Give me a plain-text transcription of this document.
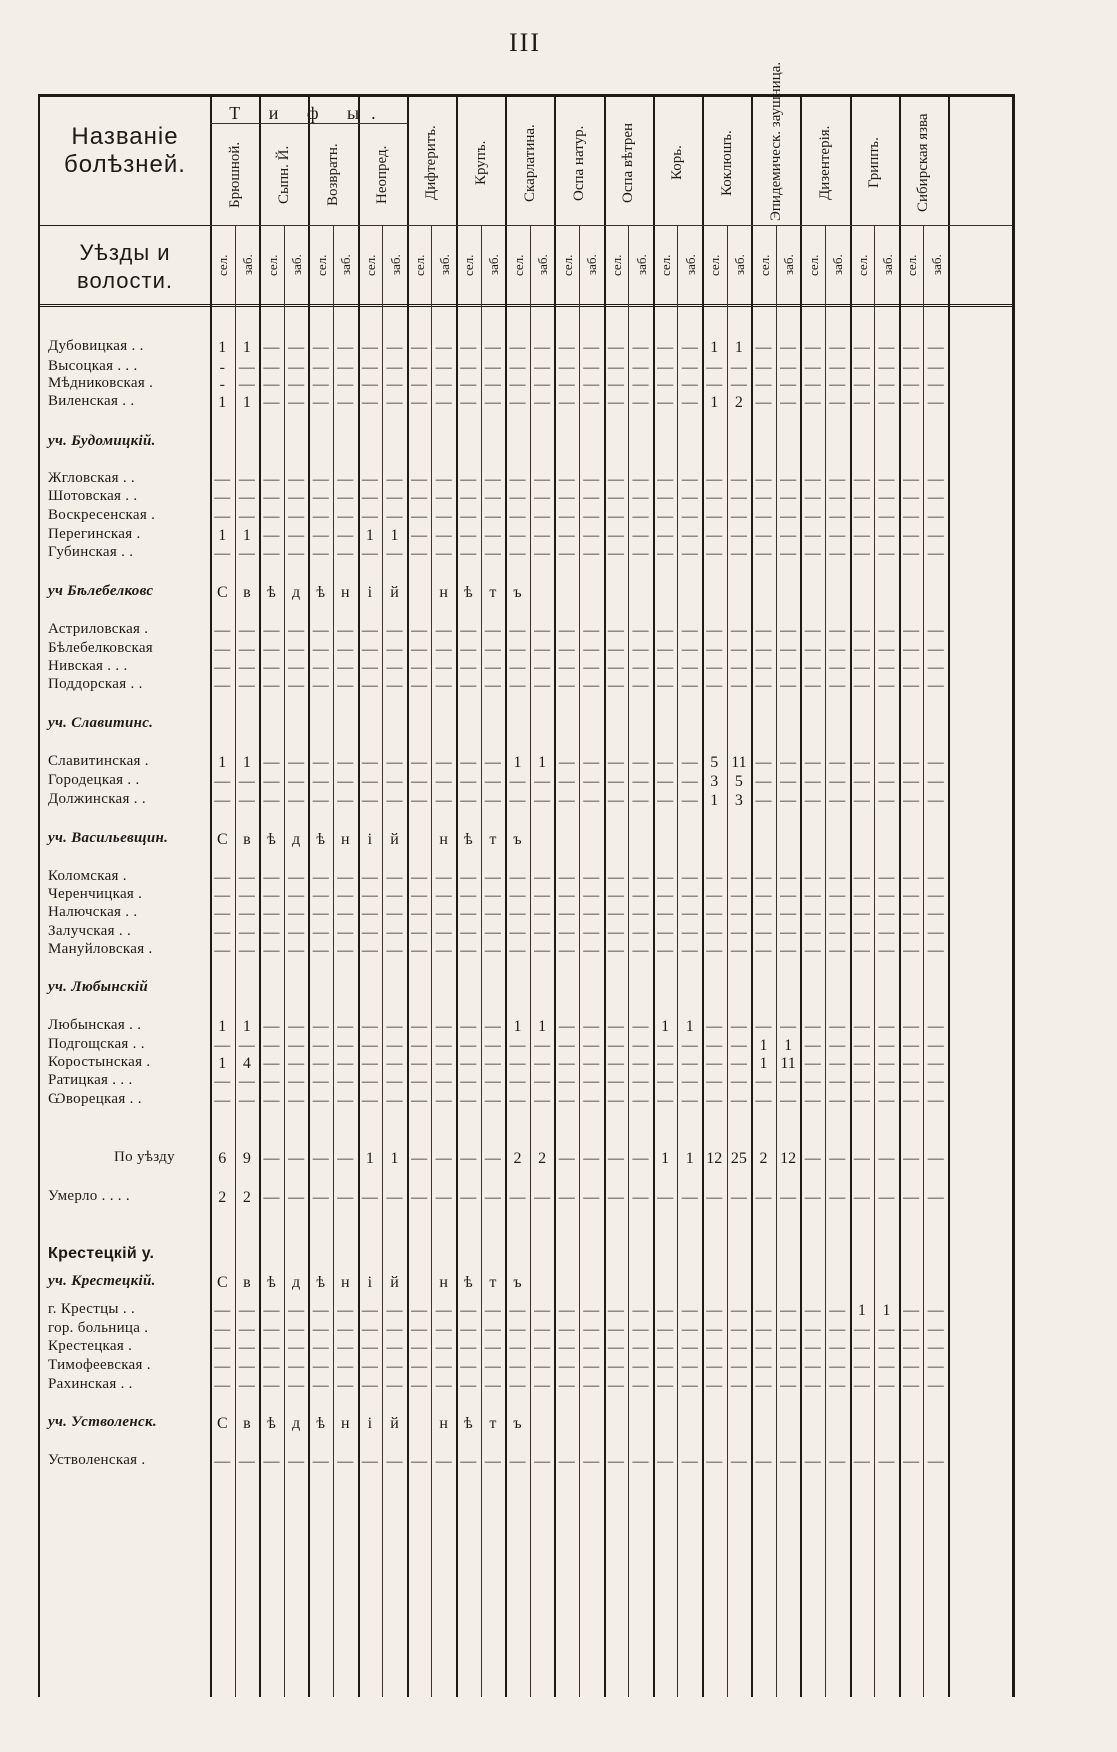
III
Названіе болѣзней.
Уѣзды и волости.
Т и ф ы.
Брюшной. Сыпн. Й. Возвратн. Неопред. Дифтеритъ. Крупъ. Скарлатина. Оспа натур. Оспа вѣтрен Корь. Коклюшъ. Эпидемическ. заушница. Дизентерія. Гриппъ. Сибирская язва
сел. заб. сел. заб. сел. заб. сел. заб. сел. заб. сел. заб. сел. заб. сел. заб. сел. заб. сел. заб. сел. заб. сел. заб. сел. заб. сел. заб. сел. заб.
Дубовицкая . .	1	1 — — — — — — — — — — — — — — — — — — 1	1 — — — — — — — —
Высоцкая . . .	- — — — — — — — — — — — — — — — — — — — — — — — — — — — — —
Мѣдниковская .	- — — — — — — — — — — — — — — — — — — — — — — — — — — — — —
Виленская . .	1	1 — — — — — — — — — — — — — — — — — — 1	2 — — — — — — — —
уч. Будомицкій.
Жгловская . .	— — — — — — — — — — — — — — — — — — — — — — — — — — — — — —
Шотовская . .	— — — — — — — — — — — — — — — — — — — — — — — — — — — — — —
Воскресенская .	— — — — — — — — — — — — — — — — — — — — — — — — — — — — — —
Перегинская .	1	1 — — — — 1	1 — — — — — — — — — — — — — — — — — — — — — —
Губинская . .	— — — — — — — — — — — — — — — — — — — — — — — — — — — — — —
уч Бѣлебелковс	С в	ѣ	д	ѣ н	і	й	н ѣ	т	ъ
Астриловская .	— — — — — — — — — — — — — — — — — — — — — — — — — — — — — —
Бѣлебелковская	— — — — — — — — — — — — — — — — — — — — — — — — — — — — — —
Нивская . . .	— — — — — — — — — — — — — — — — — — — — — — — — — — — — — —
Поддорская . .	— — — — — — — — — — — — — — — — — — — — — — — — — — — — — —
уч. Славитинс.
Славитинская .	1	1 — — — — — — — — — — 1	1 — — — — — — 5 11 — — — — — — — —
Городецкая . .	— — — — — — — — — — — — — — — — — — — — 3	5 — — — — — — — —
Должинская . .	— — — — — — — — — — — — — — — — — — — — 1	3 — — — — — — — —
уч. Васильевщин.	С в	ѣ	д	ѣ н	і	й	н ѣ	т	ъ
Коломская .	— — — — — — — — — — — — — — — — — — — — — — — — — — — — — —
Черенчицкая .	— — — — — — — — — — — — — — — — — — — — — — — — — — — — — —
Налючская . .	— — — — — — — — — — — — — — — — — — — — — — — — — — — — — —
Залучская . .	— — — — — — — — — — — — — — — — — — — — — — — — — — — — — —
Мануйловская .	— — — — — — — — — — — — — — — — — — — — — — — — — — — — — —
уч. Любынскій
Любынская . .	1	1 — — — — — — — — — — 1	1 — — — — 1	1 — — — — — — — — — —
Подгощская . .	— — — — — — — — — — — — — — — — — — — — — — 1	1 — — — — — —
Коростынская .	1	4 — — — — — — — — — — — — — — — — — — — — 1 11 — — — — — —
Ратицкая . . .	— — — — — — — — — — — — — — — — — — — — — — — — — — — — — —
Ѡворецкая . .	— — — — — — — — — — — — — — — — — — — — — — — — — — — — — —
По уѣзду	6	9 — — — — 1	1 — — — — 2	2 — — — — 1	1 12 25 2 12 — — — — — —
Умерло . . . .	2	2 — — — — — — — — — — — — — — — — — — — — — — — — — — — —
Крестецкій у.
уч. Крестецкій.	С в	ѣ	д	ѣ н	і	й	н ѣ	т	ъ
г. Крестцы . .	— — — — — — — — — — — — — — — — — — — — — — — — — — 1	1 — —
гор. больница .	— — — — — — — — — — — — — — — — — — — — — — — — — — — — — —
Крестецкая .	— — — — — — — — — — — — — — — — — — — — — — — — — — — — — —
Тимофеевская .	— — — — — — — — — — — — — — — — — — — — — — — — — — — — — —
Рахинская . .	— — — — — — — — — — — — — — — — — — — — — — — — — — — — — —
уч. Устволенск.	С в	ѣ	д	ѣ н	і	й	н ѣ	т	ъ
Устволенская .	— — — — — — — — — — — — — — — — — — — — — — — — — — — — — —
